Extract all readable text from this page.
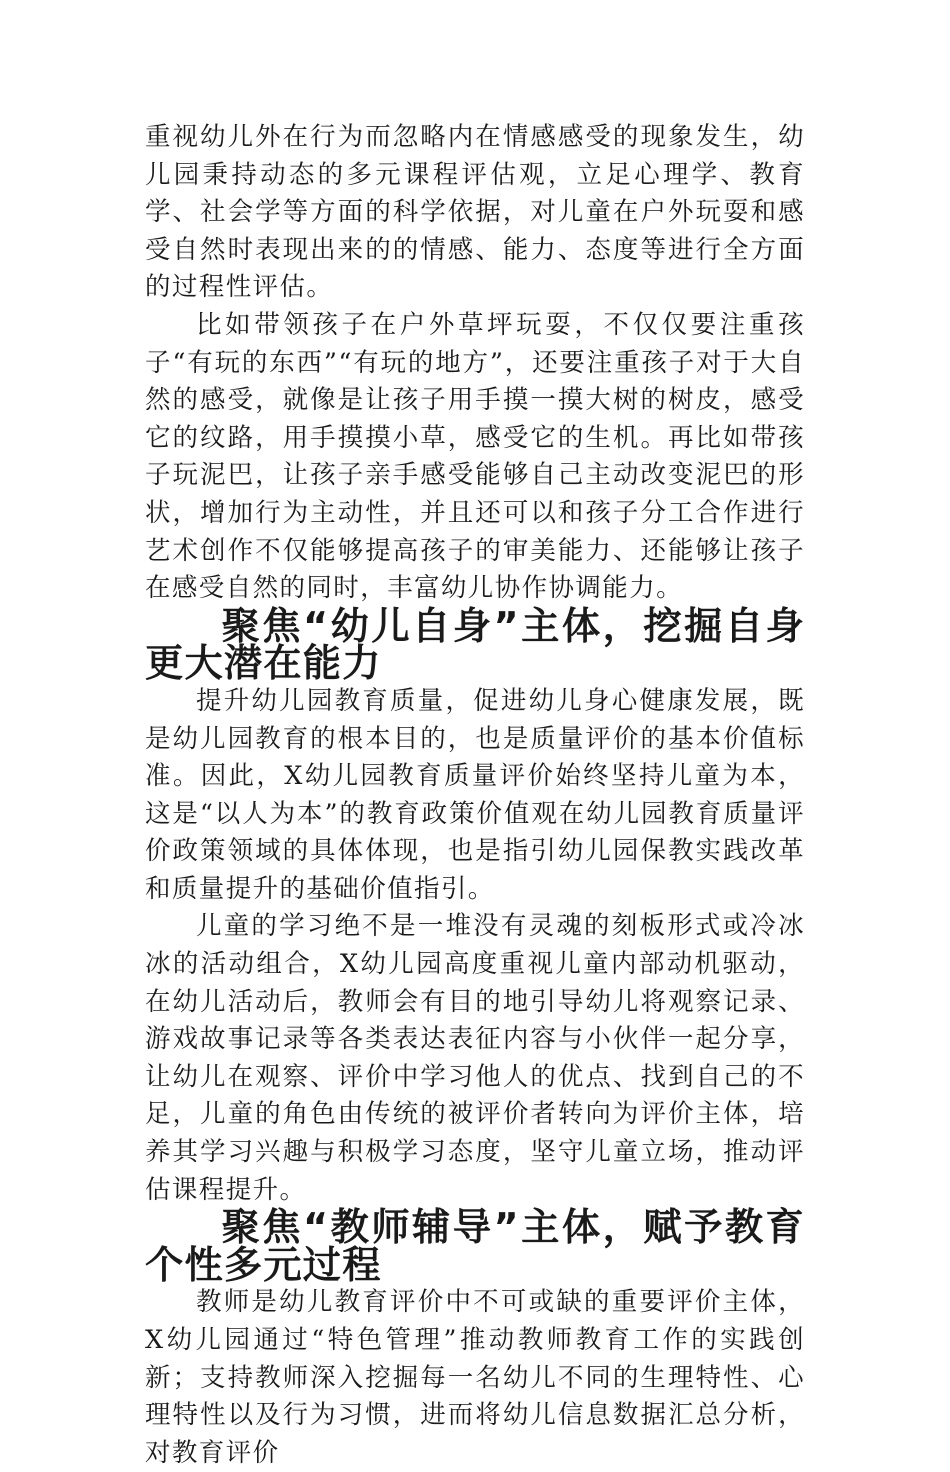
重视幼儿外在行为而忽略内在情感感受的现象发生，幼儿园秉持动态的多元课程评估观，立足心理学、教育学、社会学等方面的科学依据，对儿童在户外玩耍和感受自然时表现出来的的情感、能力、态度等进行全方面的过程性评估。

比如带领孩子在户外草坪玩耍，不仅仅要注重孩子“有玩的东西”“有玩的地方”，还要注重孩子对于大自然的感受，就像是让孩子用手摸一摸大树的树皮，感受它的纹路，用手摸摸小草，感受它的生机。再比如带孩子玩泥巴，让孩子亲手感受能够自己主动改变泥巴的形状，增加行为主动性，并且还可以和孩子分工合作进行艺术创作不仅能够提高孩子的审美能力、还能够让孩子在感受自然的同时，丰富幼儿协作协调能力。

聚焦“幼儿自身”主体，挖掘自身更大潜在能力

提升幼儿园教育质量，促进幼儿身心健康发展，既是幼儿园教育的根本目的，也是质量评价的基本价值标准。因此，X幼儿园教育质量评价始终坚持儿童为本，这是“以人为本”的教育政策价值观在幼儿园教育质量评价政策领域的具体体现，也是指引幼儿园保教实践改革和质量提升的基础价值指引。

儿童的学习绝不是一堆没有灵魂的刻板形式或冷冰冰的活动组合，X幼儿园高度重视儿童内部动机驱动，在幼儿活动后，教师会有目的地引导幼儿将观察记录、游戏故事记录等各类表达表征内容与小伙伴一起分享，让幼儿在观察、评价中学习他人的优点、找到自己的不足，儿童的角色由传统的被评价者转向为评价主体，培养其学习兴趣与积极学习态度，坚守儿童立场，推动评估课程提升。

聚焦“教师辅导”主体，赋予教育个性多元过程

教师是幼儿教育评价中不可或缺的重要评价主体，X幼儿园通过“特色管理”推动教师教育工作的实践创新；支持教师深入挖掘每一名幼儿不同的生理特性、心理特性以及行为习惯，进而将幼儿信息数据汇总分析，对教育评价
